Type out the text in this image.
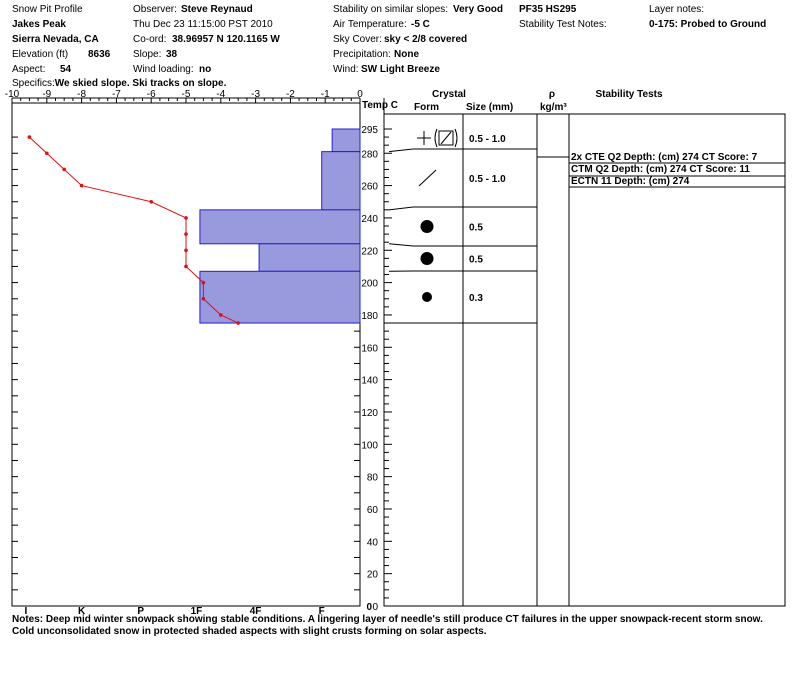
Snow Pit Profile
Jakes Peak
Sierra Nevada, CA
Elevation (ft) 8636
Aspect: 54
Observer: Steve Reynaud
Thu Dec 23 11:15:00 PST 2010
Co-ord: 38.96957 N 120.1165 W
Slope: 38
Wind loading: no
Stability on similar slopes: Very Good
Air Temperature: -5 C
Sky Cover: sky < 2/8 covered
Precipitation: None
Wind: SW Light Breeze
PF35 HS295
Stability Test Notes:
Layer notes:
0-175: Probed to Ground
Specifics:We skied slope. Ski tracks on slope.
-10 -9	-8	-7	-6	-5	-4	-3	-2	-1	0
Temp C
295
280
260
240
220
200
180
160
140
120
100
80
60
40
20
0
I	K	P	1F	4F	F	0
Crystal
Form	Size (mm)
ρ
kg/m³
Stability Tests
0.5 - 1.0
0.5 - 1.0
0.5
0.5
0.3
2x CTE Q2 Depth: (cm) 274 CT Score: 7
CTM Q2 Depth: (cm) 274 CT Score: 11
ECTN 11 Depth: (cm) 274
Notes: Deep mid winter snowpack showing stable conditions. A lingering layer of needle's still produce CT failures in the upper snowpack-recent storm snow. Cold unconsolidated snow in protected shaded aspects with slight crusts forming on solar aspects.
